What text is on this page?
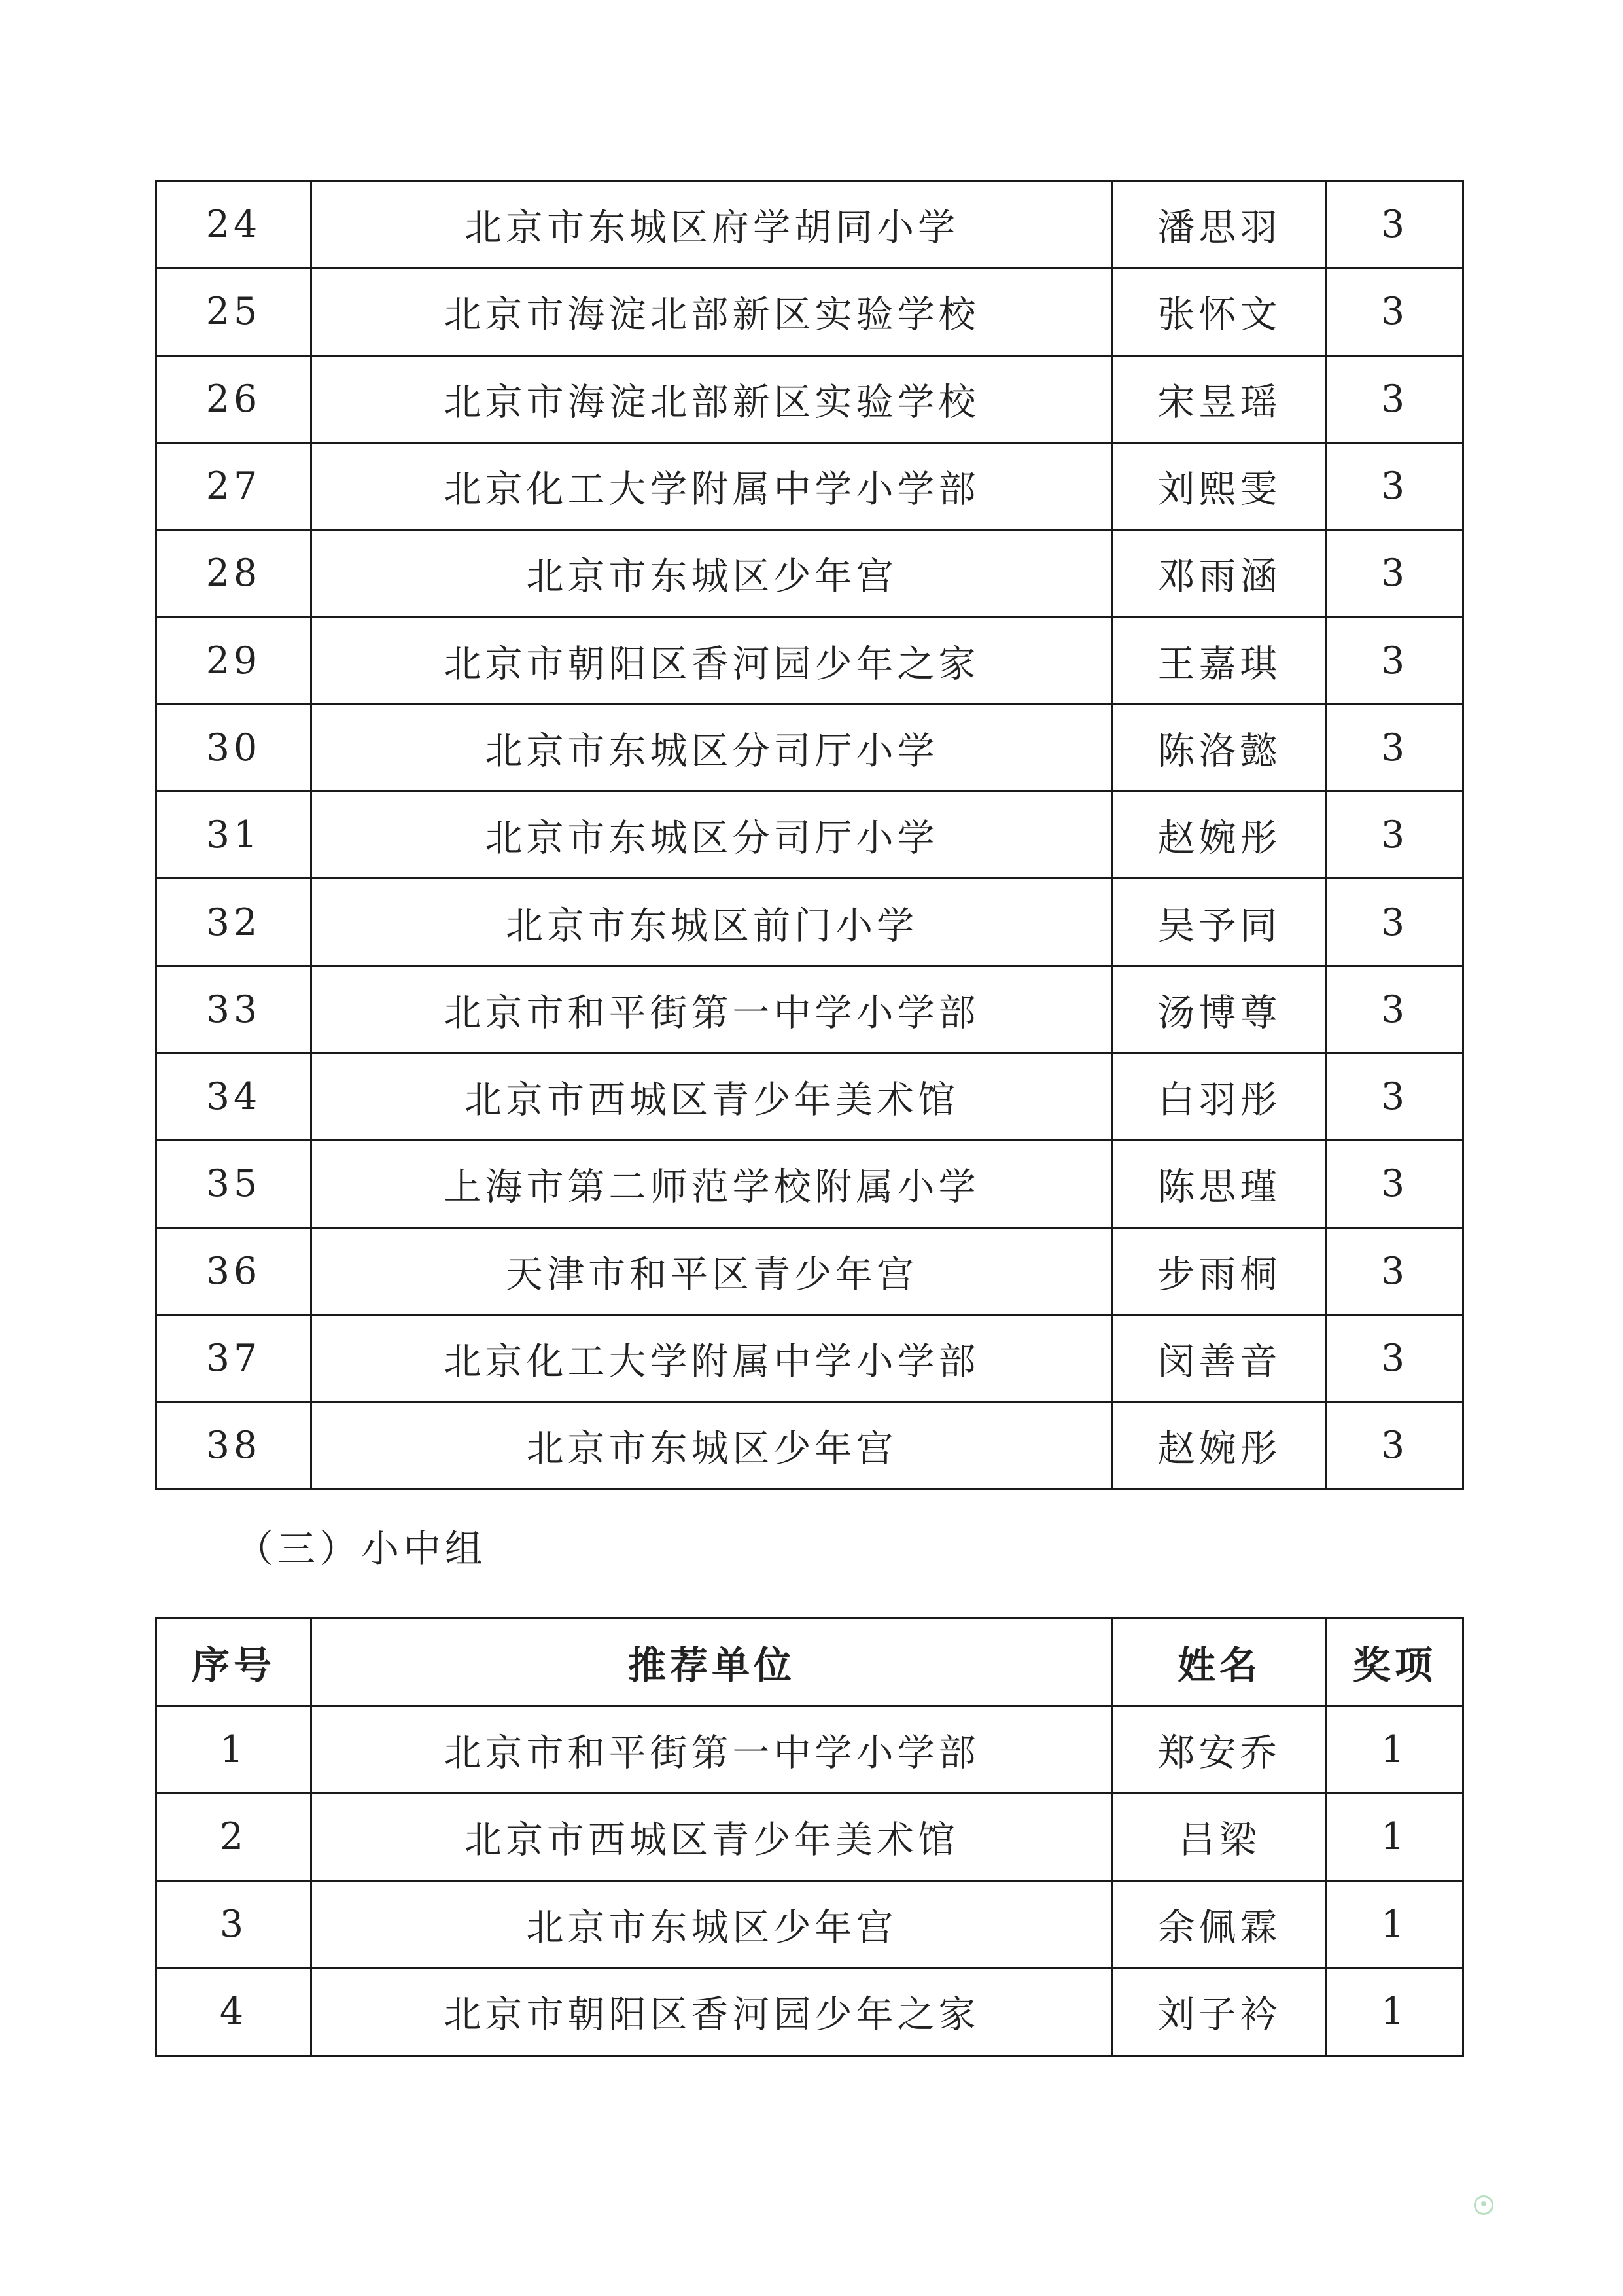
24	北京市东城区府学胡同小学	潘思羽	3
25	北京市海淀北部新区实验学校	张怀文	3
26	北京市海淀北部新区实验学校	宋昱瑶	3
27	北京化工大学附属中学小学部	刘熙雯	3
28	北京市东城区少年宫	邓雨涵	3
29	北京市朝阳区香河园少年之家	王嘉琪	3
30	北京市东城区分司厅小学	陈洛懿	3
31	北京市东城区分司厅小学	赵婉彤	3
32	北京市东城区前门小学	吴予同	3
33	北京市和平街第一中学小学部	汤博尊	3
34	北京市西城区青少年美术馆	白羽彤	3
35	上海市第二师范学校附属小学	陈思瑾	3
36	天津市和平区青少年宫	步雨桐	3
37	北京化工大学附属中学小学部	闵善音	3
38	北京市东城区少年宫	赵婉彤	3
（三）小中组
序号	推荐单位	姓名	奖项
1	北京市和平街第一中学小学部	郑安乔	1
2	北京市西城区青少年美术馆	吕梁	1
3	北京市东城区少年宫	余佩霖	1
4	北京市朝阳区香河园少年之家	刘子衿	1
